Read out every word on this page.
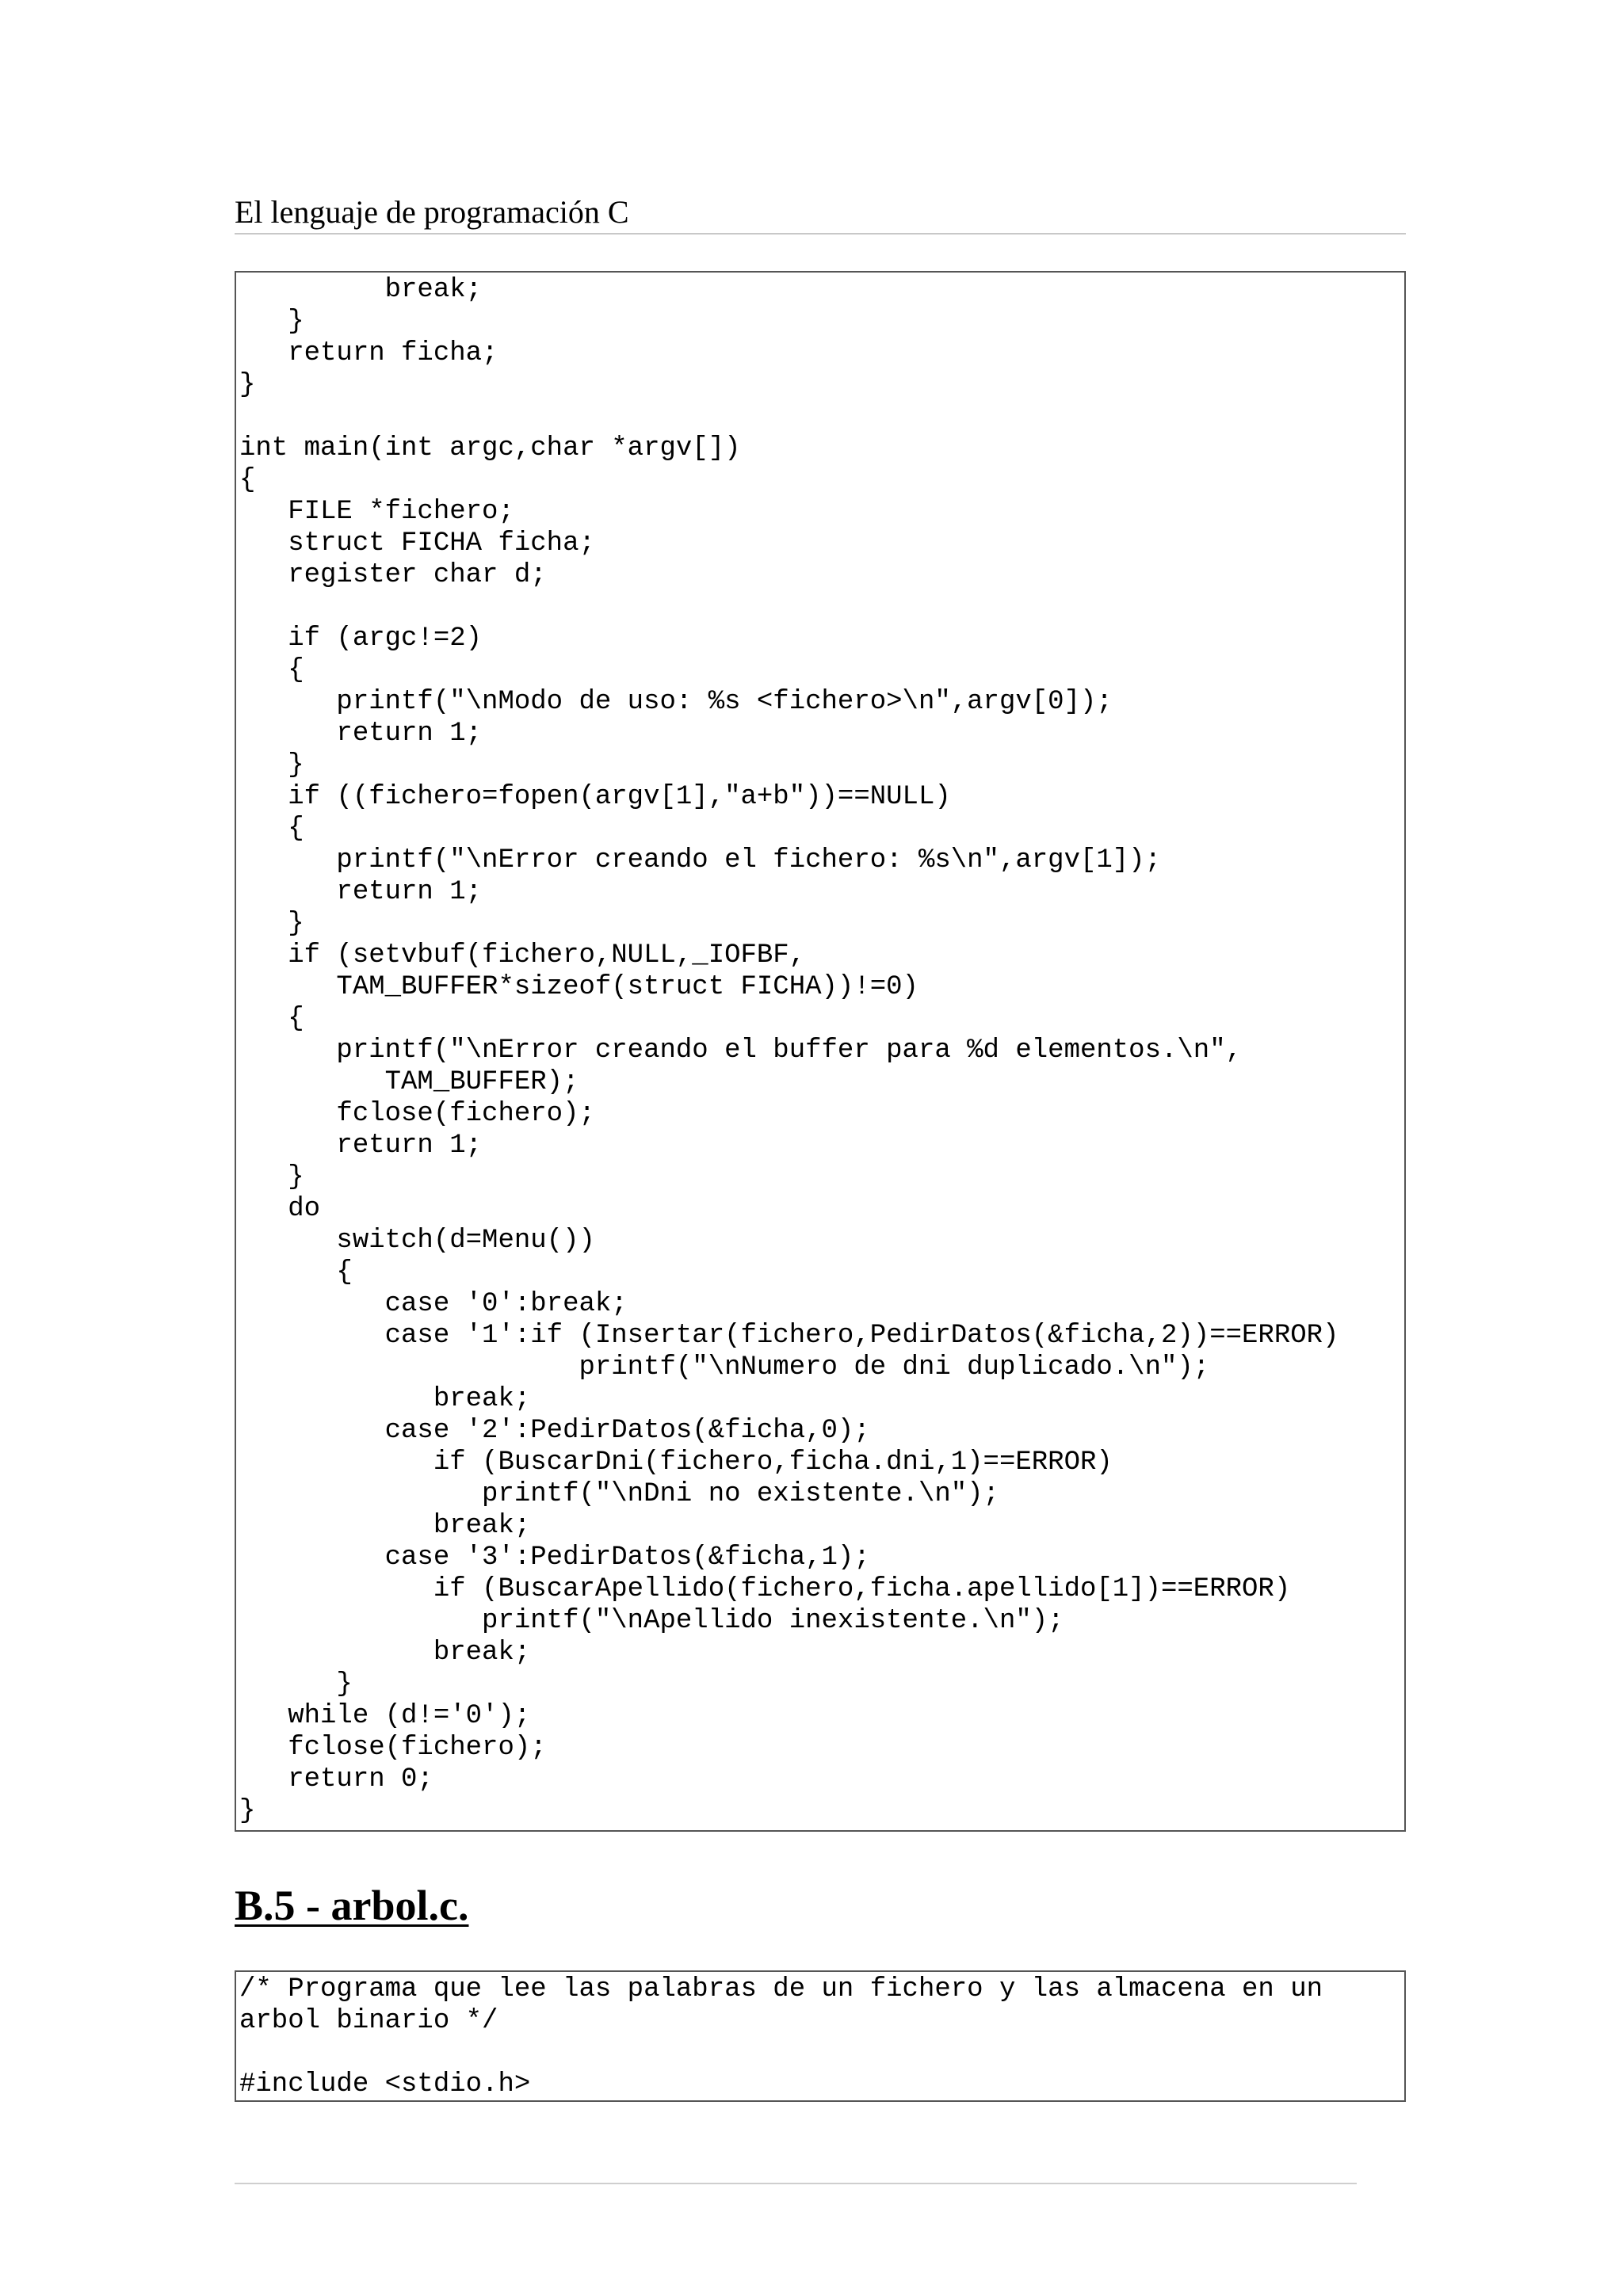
El lenguaje de programación C
break;
}
return ficha;
}
int main(int argc,char *argv[])
{
FILE *fichero;
struct FICHA ficha;
register char d;
if (argc!=2)
{
printf("\nModo de uso: %s <fichero>\n",argv[0]);
return 1;
}
if ((fichero=fopen(argv[1],"a+b"))==NULL)
{
printf("\nError creando el fichero: %s\n",argv[1]);
return 1;
}
if (setvbuf(fichero,NULL,_IOFBF,
TAM_BUFFER*sizeof(struct FICHA))!=0)
{
printf("\nError creando el buffer para %d elementos.\n",
TAM_BUFFER);
fclose(fichero);
return 1;
}
do
switch(d=Menu())
{
case '0':break;
case '1':if (Insertar(fichero,PedirDatos(&ficha,2))==ERROR)
printf("\nNumero de dni duplicado.\n");
break;
case '2':PedirDatos(&ficha,0);
if (BuscarDni(fichero,ficha.dni,1)==ERROR)
printf("\nDni no existente.\n");
break;
case '3':PedirDatos(&ficha,1);
if (BuscarApellido(fichero,ficha.apellido[1])==ERROR)
printf("\nApellido inexistente.\n");
break;
}
while (d!='0');
fclose(fichero);
return 0;
}
B.5 - arbol.c.
/* Programa que lee las palabras de un fichero y las almacena en un
arbol binario */
#include <stdio.h>
